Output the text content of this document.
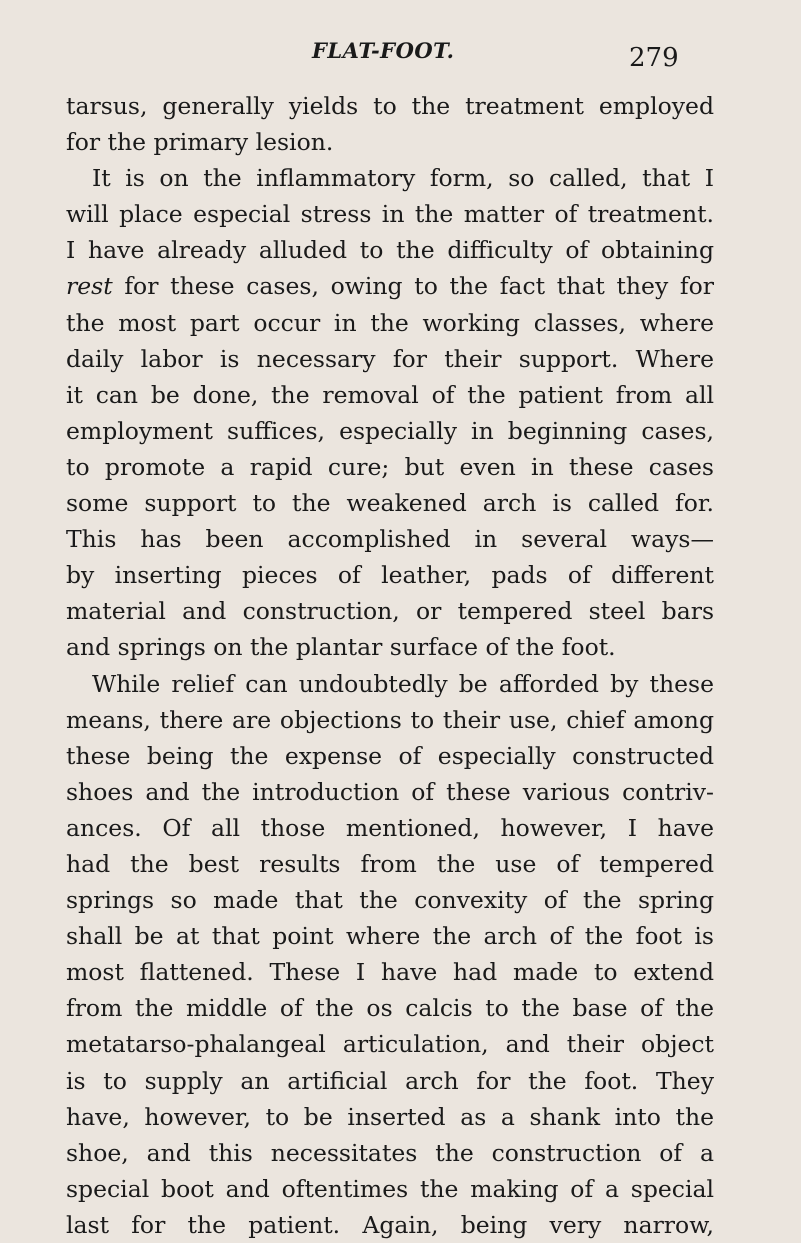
FLAT-FOOT.	279
tarsus, generally yields to the treatment employed
for the primary lesion.
It is on the inflammatory form, so called, that I
will place especial stress in the matter of treatment.
I have already alluded to the difficulty of obtaining
rest for these cases, owing to the fact that they for
the most part occur in the working classes, where
daily labor is necessary for their support. Where
it can be done, the removal of the patient from all
employment suffices, especially in beginning cases,
to promote a rapid cure; but even in these cases
some support to the weakened arch is called for.
This has been accomplished in several ways—
by inserting pieces of leather, pads of different
material and construction, or tempered steel bars
and springs on the plantar surface of the foot.
While relief can undoubtedly be afforded by these
means, there are objections to their use, chief among
these being the expense of especially constructed
shoes and the introduction of these various contriv-
ances. Of all those mentioned, however, I have
had the best results from the use of tempered
springs so made that the convexity of the spring
shall be at that point where the arch of the foot is
most flattened. These I have had made to extend
from the middle of the os calcis to the base of the
metatarso-phalangeal articulation, and their object
is to supply an artificial arch for the foot. They
have, however, to be inserted as a shank into the
shoe, and this necessitates the construction of a
special boot and oftentimes the making of a special
last for the patient. Again, being very narrow,
